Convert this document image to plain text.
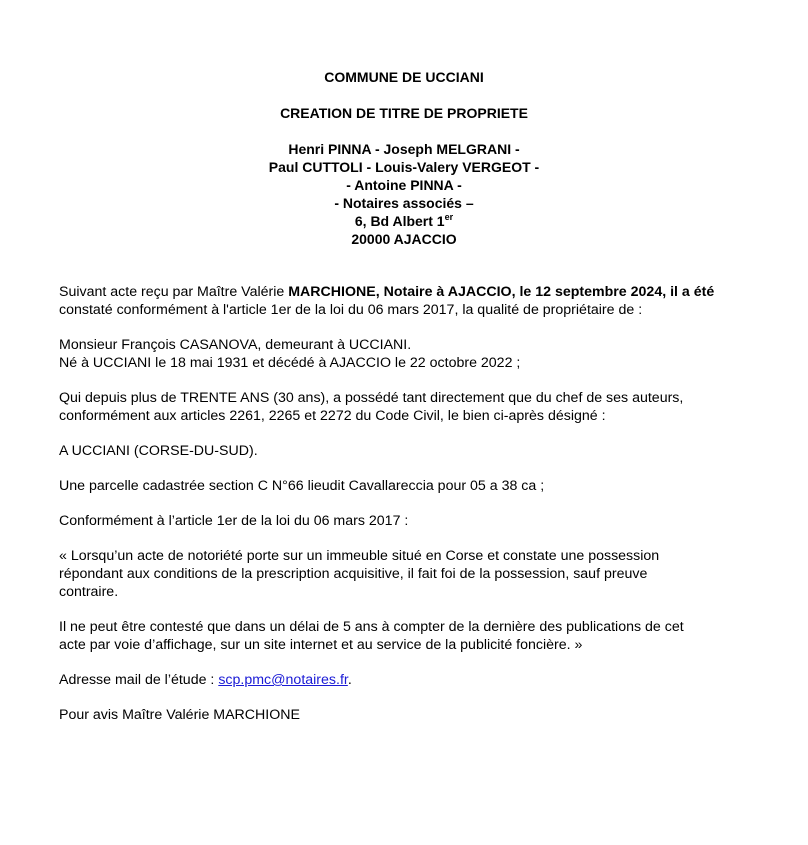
COMMUNE DE UCCIANI
CREATION DE TITRE DE PROPRIETE
Henri PINNA - Joseph MELGRANI -
Paul CUTTOLI - Louis-Valery VERGEOT -
- Antoine PINNA -
- Notaires associés –
6, Bd Albert 1er
20000 AJACCIO

Suivant acte reçu par Maître Valérie MARCHIONE, Notaire à AJACCIO, le 12 septembre 2024, il a été

constaté conformément à l'article 1er de la loi du 06 mars 2017, la qualité de propriétaire de :

Monsieur François CASANOVA, demeurant à UCCIANI.

Né à UCCIANI le 18 mai 1931 et décédé à AJACCIO le 22 octobre 2022 ;

Qui depuis plus de TRENTE ANS (30 ans), a possédé tant directement que du chef de ses auteurs,

conformément aux articles 2261, 2265 et 2272 du Code Civil, le bien ci-après désigné :

A UCCIANI (CORSE-DU-SUD).

Une parcelle cadastrée section C N°66 lieudit Cavallareccia pour 05 a 38 ca ;

Conformément à l’article 1er de la loi du 06 mars 2017 :

« Lorsqu’un acte de notoriété porte sur un immeuble situé en Corse et constate une possession

répondant aux conditions de la prescription acquisitive, il fait foi de la possession, sauf preuve

contraire.

Il ne peut être contesté que dans un délai de 5 ans à compter de la dernière des publications de cet

acte par voie d’affichage, sur un site internet et au service de la publicité foncière. »

Adresse mail de l’étude : scp.pmc@notaires.fr.

Pour avis Maître Valérie MARCHIONE
